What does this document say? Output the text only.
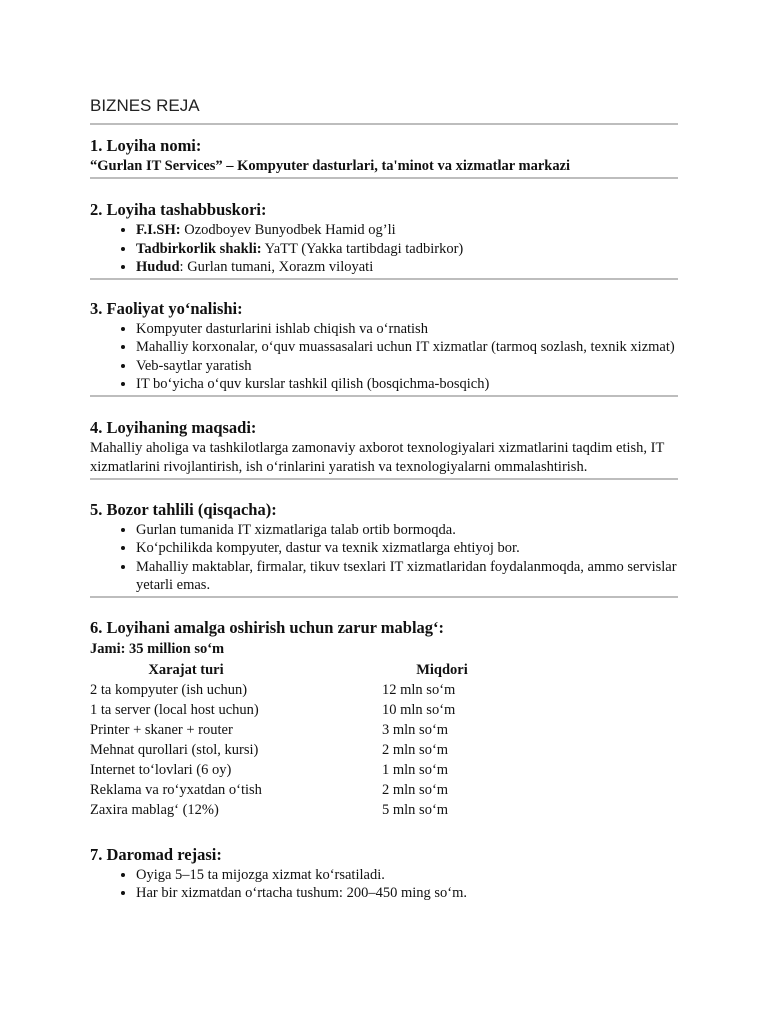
BIZNES REJA
1. Loyiha nomi:

“Gurlan IT Services” – Kompyuter dasturlari, ta'minot va xizmatlar markazi

2. Loyiha tashabbuskori:
• F.I.SH: Ozodboyev Bunyodbek Hamid og’li
• Tadbirkorlik shakli: YaTT (Yakka tartibdagi tadbirkor)
• Hudud: Gurlan tumani, Xorazm viloyati
3. Faoliyat yo‘nalishi:
• Kompyuter dasturlarini ishlab chiqish va o‘rnatish
• Mahalliy korxonalar, o‘quv muassasalari uchun IT xizmatlar (tarmoq sozlash, texnik xizmat)
• Veb-saytlar yaratish
• IT bo‘yicha o‘quv kurslar tashkil qilish (bosqichma-bosqich)
4. Loyihaning maqsadi:

Mahalliy aholiga va tashkilotlarga zamonaviy axborot texnologiyalari xizmatlarini taqdim etish, IT xizmatlarini rivojlantirish, ish o‘rinlarini yaratish va texnologiyalarni ommalashtirish.

5. Bozor tahlili (qisqacha):
• Gurlan tumanida IT xizmatlariga talab ortib bormoqda.
• Ko‘pchilikda kompyuter, dastur va texnik xizmatlarga ehtiyoj bor.
• Mahalliy maktablar, firmalar, tikuv tsexlari IT xizmatlaridan foydalanmoqda, ammo servislar yetarli emas.
6. Loyihani amalga oshirish uchun zarur mablag‘:
Jami: 35 million so‘m
Xarajat turi		Miqdori
2 ta kompyuter (ish uchun)		12 mln so‘m
1 ta server (local host uchun)		10 mln so‘m
Printer + skaner + router		3 mln so‘m
Mehnat qurollari (stol, kursi)		2 mln so‘m
Internet to‘lovlari (6 oy)		1 mln so‘m
Reklama va ro‘yxatdan o‘tish		2 mln so‘m
Zaxira mablag‘ (12%)		5 mln so‘m
7. Daromad rejasi:
• Oyiga 5–15 ta mijozga xizmat ko‘rsatiladi.
• Har bir xizmatdan o‘rtacha tushum: 200–450 ming so‘m.
